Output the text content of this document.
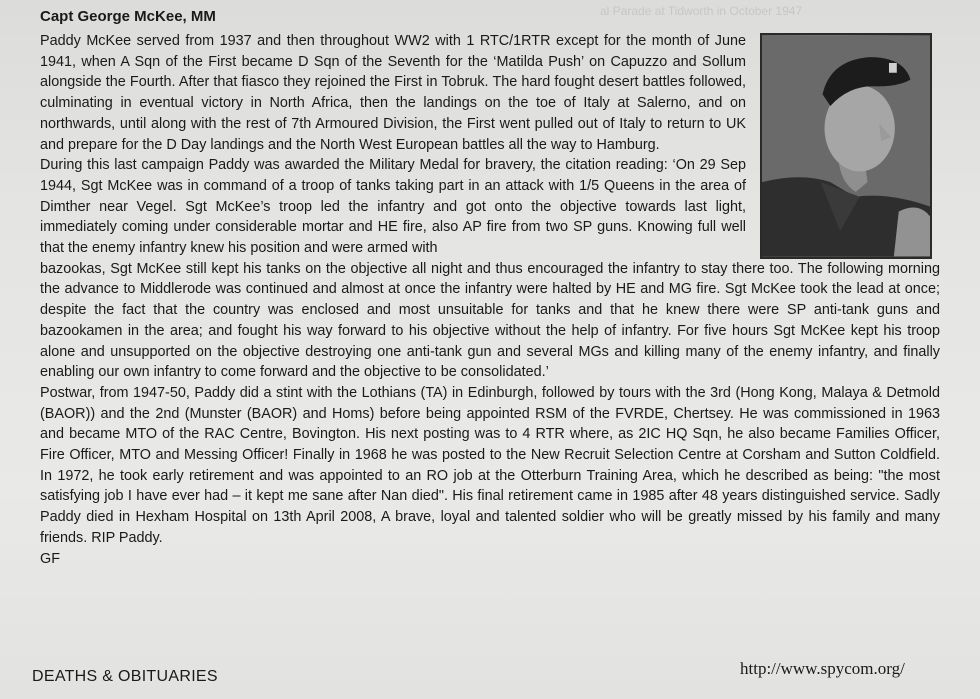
al Parade at Tidworth in October 1947
Capt George McKee, MM

Paddy McKee served from 1937 and then throughout WW2 with 1 RTC/1RTR except for the month of June 1941, when A Sqn of the First became D Sqn of the Seventh for the ‘Matilda Push’ on Capuzzo and Sollum alongside the Fourth. After that fiasco they rejoined the First in Tobruk. The hard fought desert battles followed, culminating in eventual victory in North Africa, then the landings on the toe of Italy at Salerno, and on northwards, until along with the rest of 7th Armoured Division, the First went pulled out of Italy to return to UK and prepare for the D Day landings and the North West European battles all the way to Hamburg.

During this last campaign Paddy was awarded the Military Medal for bravery, the citation reading: ‘On 29 Sep 1944, Sgt McKee was in command of a troop of tanks taking part in an attack with 1/5 Queens in the area of Dimther near Vegel. Sgt McKee’s troop led the infantry and got onto the objective towards last light, immediately coming under considerable mortar and HE fire, also AP fire from two SP guns. Knowing full well that the enemy infantry knew his position and were armed with

bazookas, Sgt McKee still kept his tanks on the objective all night and thus encouraged the infantry to stay there too. The following morning the advance to Middlerode was continued and almost at once the infantry were halted by HE and MG fire. Sgt McKee took the lead at once; despite the fact that the country was enclosed and most unsuitable for tanks and that he knew there were SP anti-tank guns and bazookamen in the area; and fought his way forward to his objective without the help of infantry. For five hours Sgt McKee kept his troop alone and unsupported on the objective destroying one anti-tank gun and several MGs and killing many of the enemy infantry, and finally enabling our own infantry to come forward and the objective to be consolidated.’

Postwar, from 1947-50, Paddy did a stint with the Lothians (TA) in Edinburgh, followed by tours with the 3rd (Hong Kong, Malaya & Detmold (BAOR)) and the 2nd (Munster (BAOR) and Homs) before being appointed RSM of the FVRDE, Chertsey. He was commissioned in 1963 and became MTO of the RAC Centre, Bovington. His next posting was to 4 RTR where, as 2IC HQ Sqn, he also became Families Officer, Fire Officer, MTO and Messing Officer! Finally in 1968 he was posted to the New Recruit Selection Centre at Corsham and Sutton Coldfield. In 1972, he took early retirement and was appointed to an RO job at the Otterburn Training Area, which he described as being: "the most satisfying job I have ever had – it kept me sane after Nan died". His final retirement came in 1985 after 48 years distinguished service. Sadly Paddy died in Hexham Hospital on 13th April 2008, A brave, loyal and talented soldier who will be greatly missed by his family and many friends. RIP Paddy.

GF

DEATHS & OBITUARIES	http://www.spycom.org/
